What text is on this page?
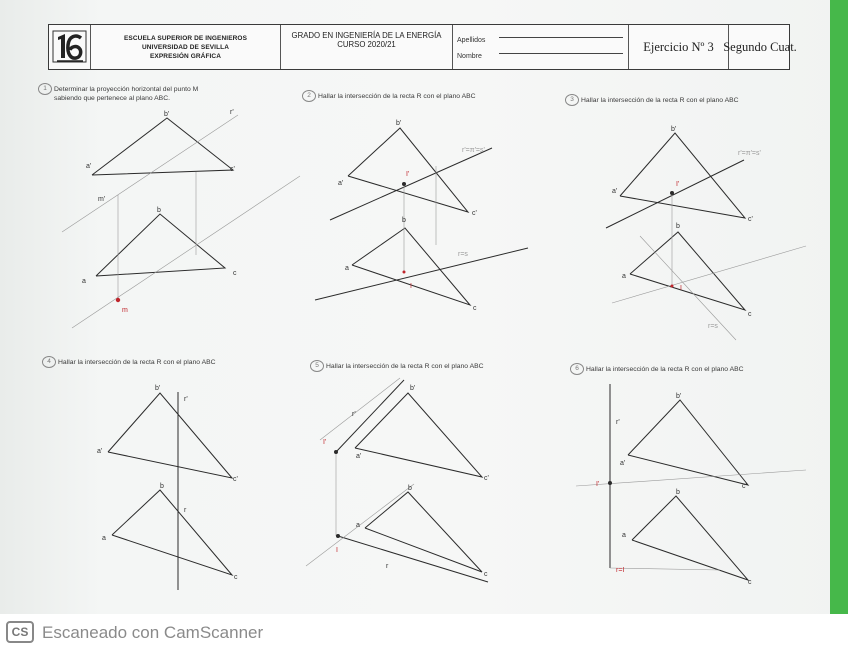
ESCUELA SUPERIOR DE INGENIEROS
UNIVERSIDAD DE SEVILLA
EXPRESIÓN GRÁFICA
GRADO EN INGENIERÍA DE LA ENERGÍA
CURSO 2020/21	Apellidos
Nombre
Ejercicio Nº 3 Segundo Cuat.
1 Determinar la proyección horizontal del punto M
sabiendo que pertenece al plano ABC.	2 Hallar la intersección de la recta R con el plano ABC	3 Hallar la intersección de la recta R con el plano ABC
4 Hallar la intersección de la recta R con el plano ABC	5 Hallar la intersección de la recta R con el plano ABC	6 Hallar la intersección de la recta R con el plano ABC
b'
a'	c'
r'
m'
b
a
c
m
b'
a'
c'
r'=π'=s'
b
a
c
r=s
I'
I
b'
a'
c'
r'=π'=s'
b
a
c
r=s
I'
I
b'
a'
c'
r'
b
a
c
r
b'
a'
c'
r'
b
a
c
r
I'
I
b'
a'
c'
r'
b
a
c
I'
r=I
CS Escaneado con CamScanner
